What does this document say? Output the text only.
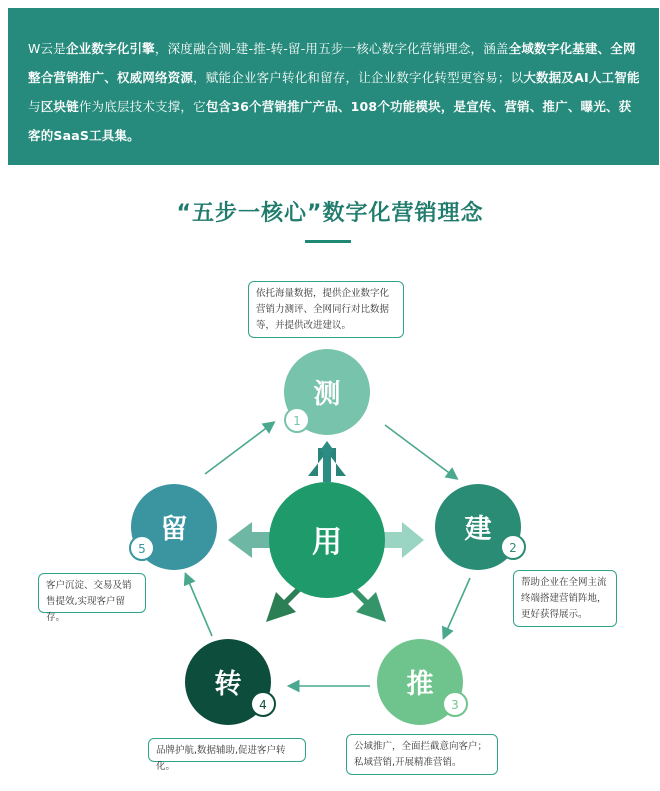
W云是企业数字化引擎，深度融合测-建-推-转-留-用五步一核心数字化营销理念，涵盖全域数字化基建、全网整合营销推广、权威网络资源，赋能企业客户转化和留存，让企业数字化转型更容易；以大数据及AI人工智能与区块链作为底层技术支撑，它包含36个营销推广产品、108个功能模块，是宣传、营销、推广、曝光、获客的SaaS工具集。

“五步一核心”数字化营销理念
测
1
建
2
推
3
转
4
留
5	用
依托海量数据，提供企业数字化营销力测评、全网同行对比数据等，并提供改进建议。
帮助企业在全网主流终端搭建营销阵地，更好获得展示。
公域推广，全面拦截意向客户；私域营销,开展精准营销。
品牌护航,数据辅助,促进客户转化。
客户沉淀、交易及销售提效,实现客户留存。
